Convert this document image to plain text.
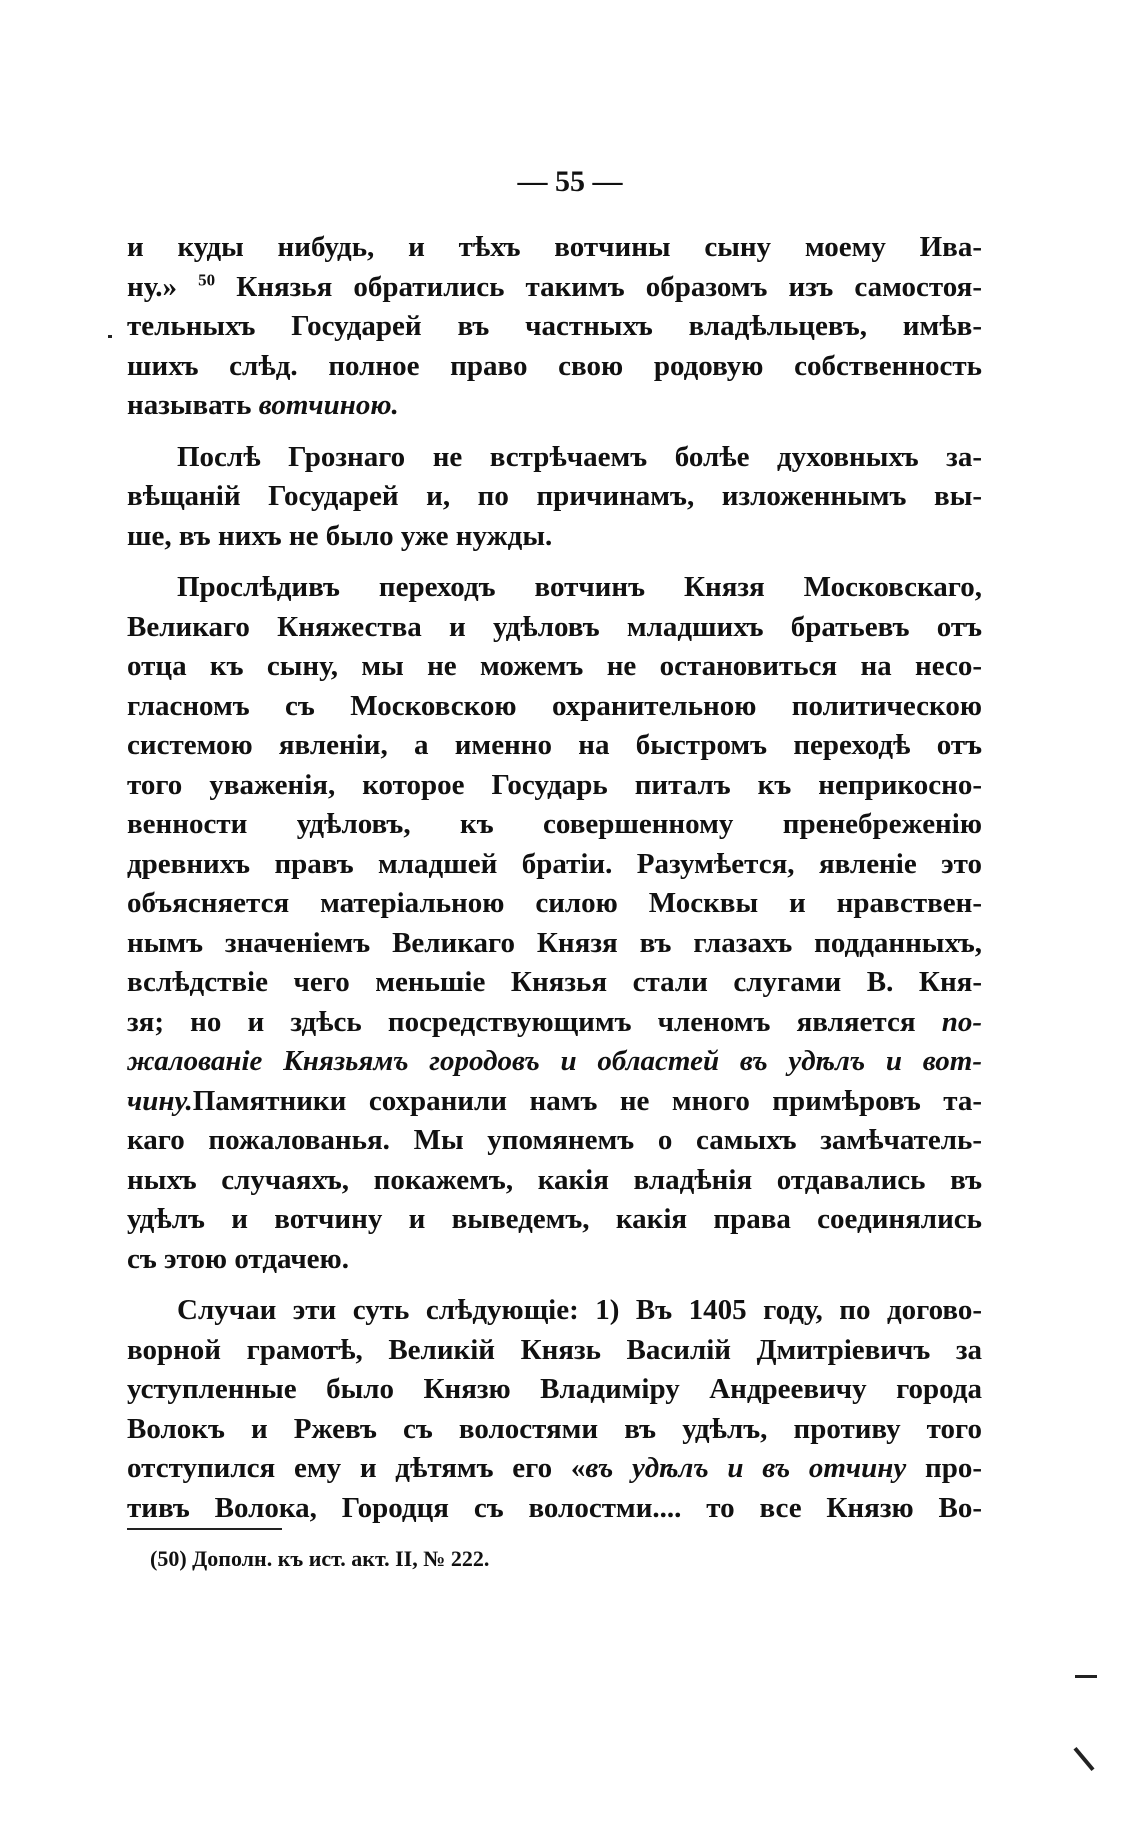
— 55 —
и куды нибудь, и тѣхъ вотчины сыну моему Ива-
ну.» $^{50}$ Князья обратились такимъ образомъ изъ самостоя-
тельныхъ Государей въ частныхъ владѣльцевъ, имѣв-
шихъ слѣд. полное право свою родовую собственность
называть вотчиною.
Послѣ Грознаго не встрѣчаемъ болѣе духовныхъ за-
вѣщаній Государей и, по причинамъ, изложеннымъ вы-
ше, въ нихъ не было уже нужды.
Прослѣдивъ переходъ вотчинъ Князя Московскаго,
Великаго Княжества и удѣловъ младшихъ братьевъ отъ
отца къ сыну, мы не можемъ не остановиться на несо-
гласномъ съ Московскою охранительною политическою
системою явленіи, а именно на быстромъ переходѣ отъ
того уваженія, которое Государь питалъ къ неприкосно-
венности удѣловъ, къ совершенному пренебреженію
древнихъ правъ младшей братіи. Разумѣется, явленіе это
объясняется матеріальною силою Москвы и нравствен-
нымъ значеніемъ Великаго Князя въ глазахъ подданныхъ,
вслѣдствіе чего меньшіе Князья стали слугами В. Кня-
зя; но и здѣсь посредствующимъ членомъ является по-
жалованіе Князьямъ городовъ и областей въ удѣлъ и вот-
чину.Памятники сохранили намъ не много примѣровъ та-
каго пожалованья. Мы упомянемъ о самыхъ замѣчатель-
ныхъ случаяхъ, покажемъ, какія владѣнія отдавались въ
удѣлъ и вотчину и выведемъ, какія права соединялись
съ этою отдачею.
Случаи эти суть слѣдующіе: 1) Въ 1405 году, по догово-
ворной грамотѣ, Великій Князь Василій Дмитріевичъ за
уступленные было Князю Владиміру Андреевичу города
Волокъ и Ржевъ съ волостями въ удѣлъ, противу того
отступился ему и дѣтямъ его «въ удѣлъ и въ отчину про-
тивъ Волока, Городця съ волостми.... то все Князю Во-
(50) Дополн. къ ист. акт. II, № 222.
